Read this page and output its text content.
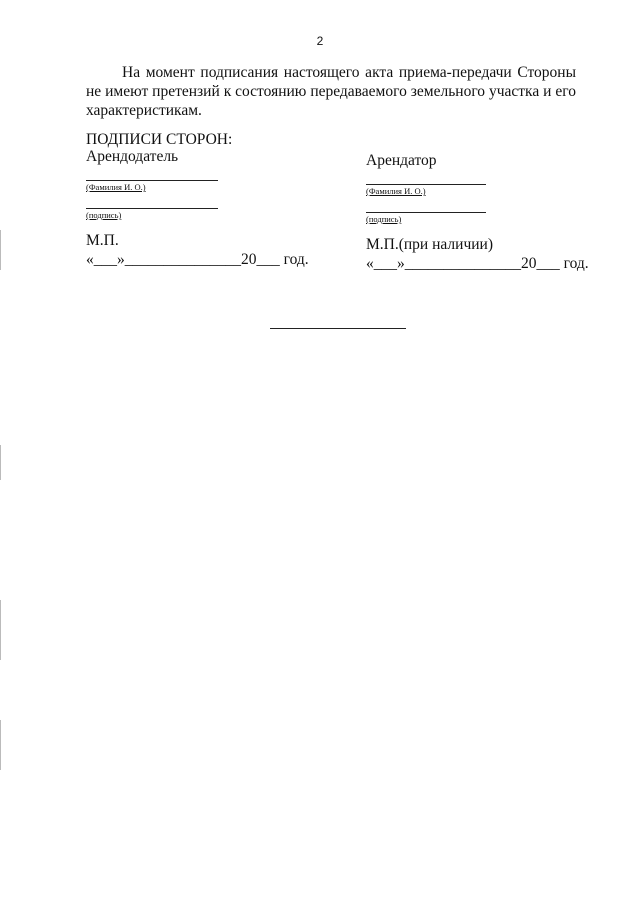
2

На момент подписания настоящего акта приема-передачи Стороны не имеют претензий к состоянию передаваемого земельного участка и его характеристикам.

ПОДПИСИ СТОРОН:

Арендодатель

(Фамилия И. О.)
(подпись)
М.П.
«___»_______________20___ год.

Арендатор

(Фамилия И. О.)
(подпись)
М.П.(при наличии)
«___»_______________20___ год.
